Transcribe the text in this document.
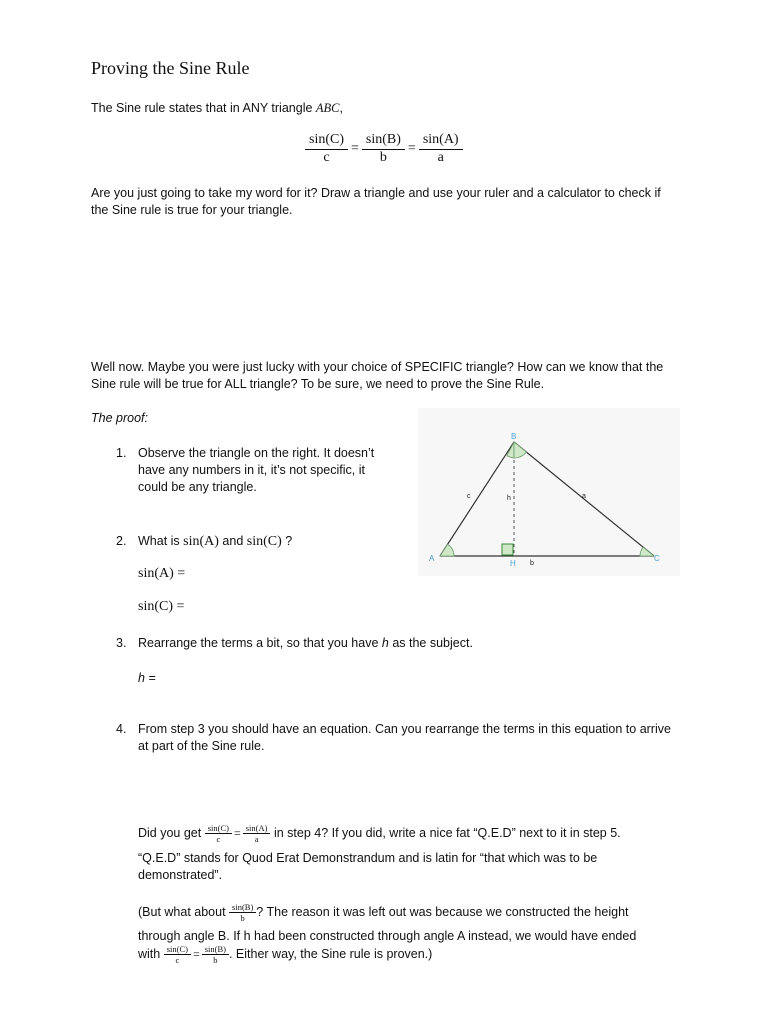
Proving the Sine Rule
The Sine rule states that in ANY triangle ABC,
$\frac{\sin(C)}{c} = \frac{\sin(B)}{b} = \frac{\sin(A)}{a}$
Are you just going to take my word for it? Draw a triangle and use your ruler and a calculator to check if the Sine rule is true for your triangle.
Well now. Maybe you were just lucky with your choice of SPECIFIC triangle? How can we know that the Sine rule will be true for ALL triangle? To be sure, we need to prove the Sine Rule.
The proof:
1. Observe the triangle on the right. It doesn’t have any numbers in it, it’s not specific, it could be any triangle.
A
B
C
H
a
b
c	h
2. What is sin(A) and sin(C) ?
sin(A) =
sin(C) =
3. Rearrange the terms a bit, so that you have h as the subject.
h =
4. From step 3 you should have an equation. Can you rearrange the terms in this equation to arrive at part of the Sine rule.
Did you get $\frac{\sin(C)}{c} = \frac{\sin(A)}{a}$ in step 4? If you did, write a nice fat “Q.E.D” next to it in step 5.
“Q.E.D” stands for Quod Erat Demonstrandum and is latin for “that which was to be
demonstrated”.
(But what about $\frac{\sin(B)}{b}$ ? The reason it was left out was because we constructed the height
through angle B. If h had been constructed through angle A instead, we would have ended
with $\frac{\sin(C)}{c} = \frac{\sin(B)}{b}$ . Either way, the Sine rule is proven.)
